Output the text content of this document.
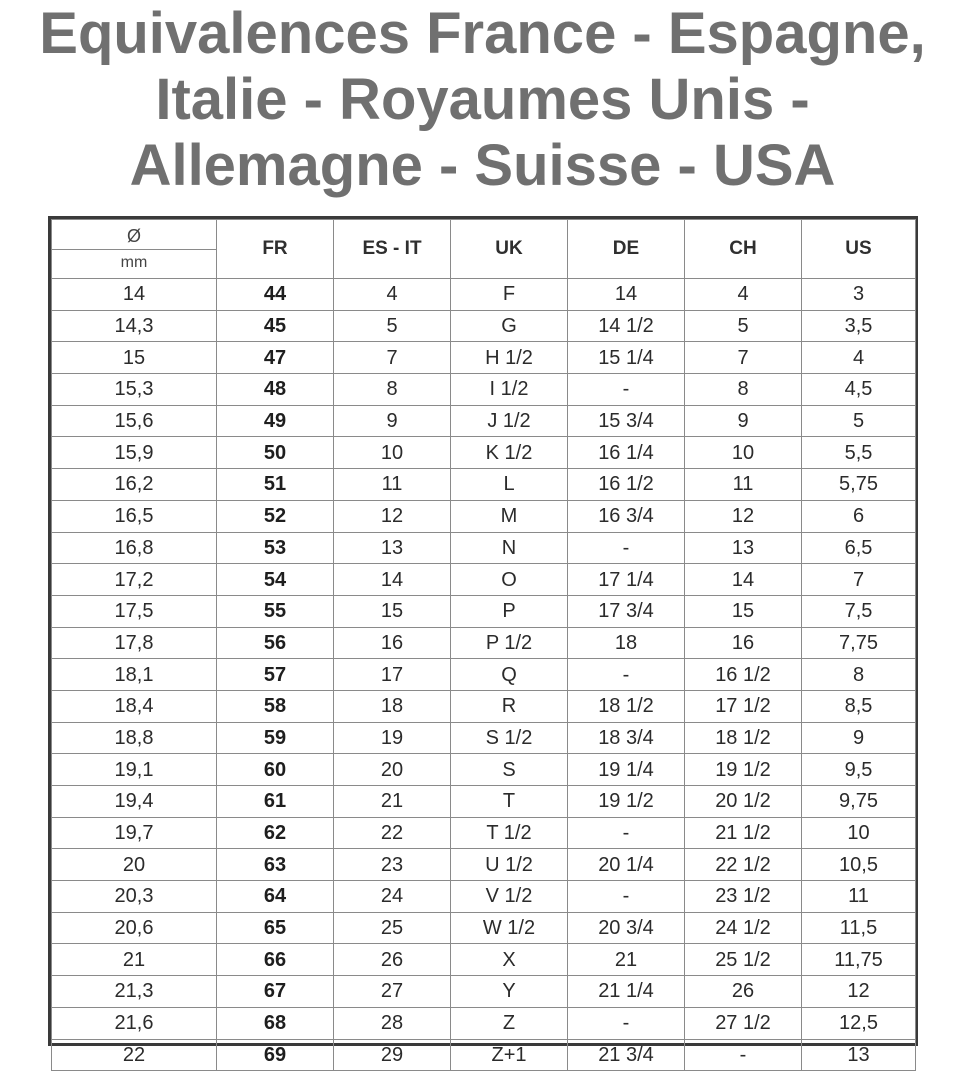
Equivalences France - Espagne,
Italie - Royaumes Unis -
Allemagne - Suisse - USA
Ø
mm	FR	ES - IT	UK	DE	CH	US
14	44	4	F	14	4	3
14,3	45	5	G	14 1/2	5	3,5
15	47	7	H 1/2	15 1/4	7	4
15,3	48	8	I 1/2	-	8	4,5
15,6	49	9	J 1/2	15 3/4	9	5
15,9	50	10	K 1/2	16 1/4	10	5,5
16,2	51	11	L	16 1/2	11	5,75
16,5	52	12	M	16 3/4	12	6
16,8	53	13	N	-	13	6,5
17,2	54	14	O	17 1/4	14	7
17,5	55	15	P	17 3/4	15	7,5
17,8	56	16	P 1/2	18	16	7,75
18,1	57	17	Q	-	16 1/2	8
18,4	58	18	R	18 1/2	17 1/2	8,5
18,8	59	19	S 1/2	18 3/4	18 1/2	9
19,1	60	20	S	19 1/4	19 1/2	9,5
19,4	61	21	T	19 1/2	20 1/2	9,75
19,7	62	22	T 1/2	-	21 1/2	10
20	63	23	U 1/2	20 1/4	22 1/2	10,5
20,3	64	24	V 1/2	-	23 1/2	11
20,6	65	25	W 1/2	20 3/4	24 1/2	11,5
21	66	26	X	21	25 1/2	11,75
21,3	67	27	Y	21 1/4	26	12
21,6	68	28	Z	-	27 1/2	12,5
22	69	29	Z+1	21 3/4	-	13
